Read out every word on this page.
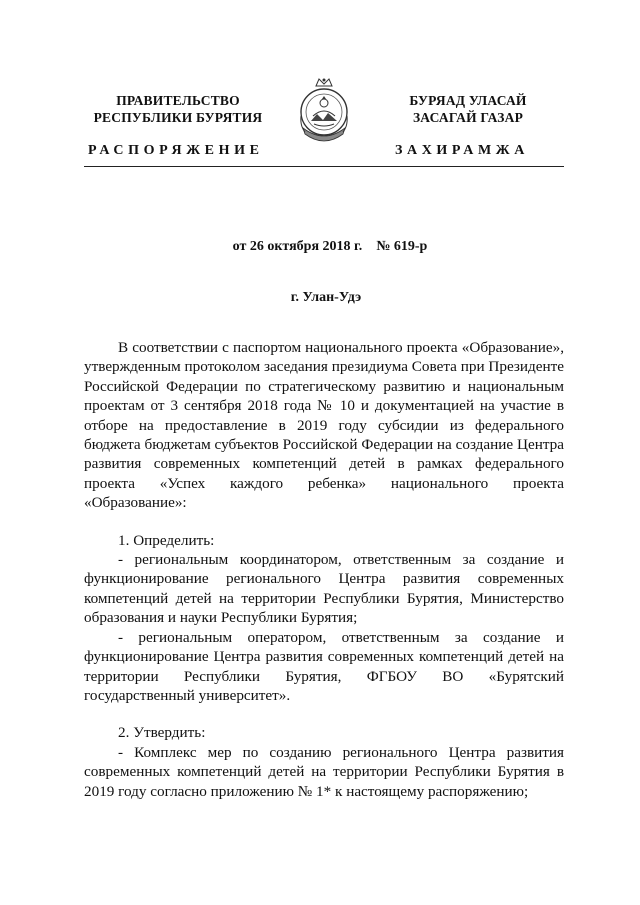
ПРАВИТЕЛЬСТВО
РЕСПУБЛИКИ БУРЯТИЯ
БУРЯАД УЛАСАЙ
ЗАСАГАЙ ГАЗАР
РАСПОРЯЖЕНИЕ	ЗАХИРАМЖА
от 26 октября 2018 г. № 619-р
г. Улан-Удэ

В соответствии с паспортом национального проекта «Образование», утвержденным протоколом заседания президиума Совета при Президенте Российской Федерации по стратегическому развитию и национальным проектам от 3 сентября 2018 года № 10 и документацией на участие в отборе на предоставление в 2019 году субсидии из федерального бюджета бюджетам субъектов Российской Федерации на создание Центра развития современных компетенций детей в рамках федерального проекта «Успех каждого ребенка» национального проекта «Образование»:

1. Определить:

- региональным координатором, ответственным за создание и функционирование регионального Центра развития современных компетенций детей на территории Республики Бурятия, Министерство образования и науки Республики Бурятия;

- региональным оператором, ответственным за создание и функционирование Центра развития современных компетенций детей на территории Республики Бурятия, ФГБОУ ВО «Бурятский государственный университет».

2. Утвердить:

- Комплекс мер по созданию регионального Центра развития современных компетенций детей на территории Республики Бурятия в 2019 году согласно приложению № 1* к настоящему распоряжению;
